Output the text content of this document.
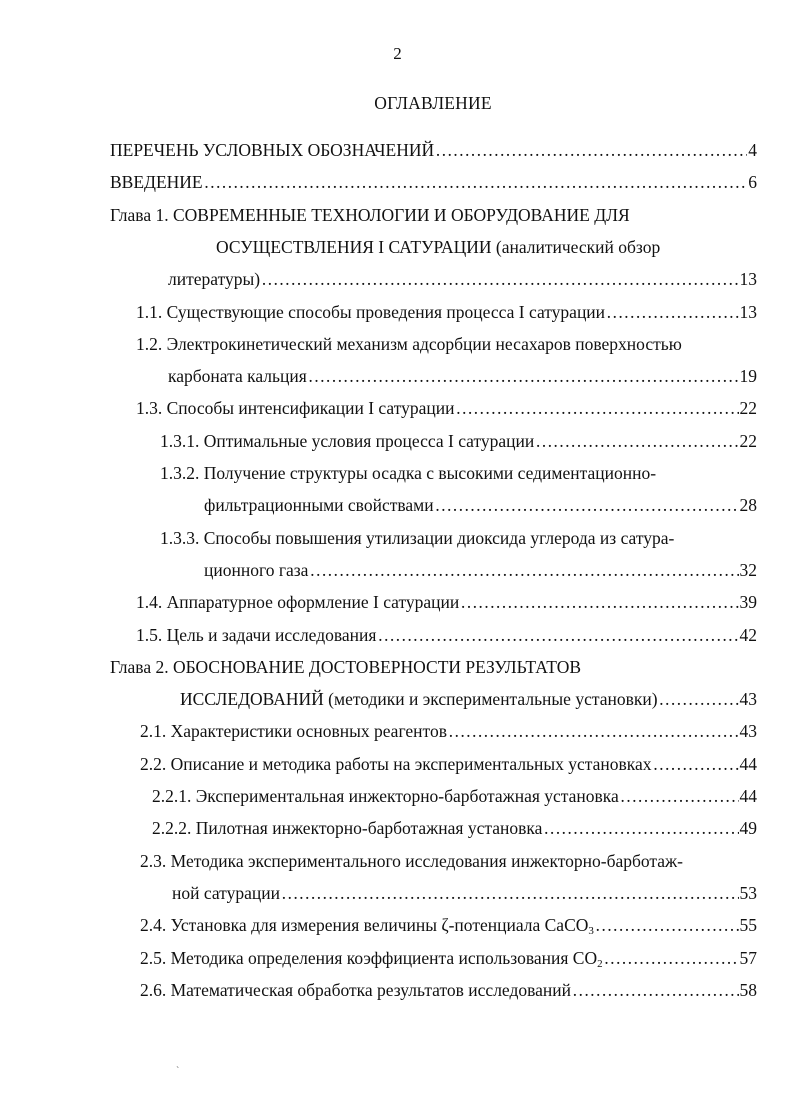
2
ОГЛАВЛЕНИЕ
ПЕРЕЧЕНЬ УСЛОВНЫХ ОБОЗНАЧЕНИЙ ……………………………………………………………………………………………………………………………………………………………	4
ВВЕДЕНИЕ ……………………………………………………………………………………………………………………………………………………………	6
Глава 1. СОВРЕМЕННЫЕ ТЕХНОЛОГИИ И ОБОРУДОВАНИЕ ДЛЯ
ОСУЩЕСТВЛЕНИЯ I САТУРАЦИИ (аналитический обзор
литературы) ……………………………………………………………………………………………………………………………………………………………	13
1.1. Существующие способы проведения процесса I сатурации ……………………………………………………………………………………………………………………………………………………………	13
1.2. Электрокинетический механизм адсорбции несахаров поверхностью
карбоната кальция ……………………………………………………………………………………………………………………………………………………………	19
1.3. Способы интенсификации I сатурации ……………………………………………………………………………………………………………………………………………………………	22
1.3.1. Оптимальные условия процесса I сатурации ……………………………………………………………………………………………………………………………………………………………	22
1.3.2. Получение структуры осадка с высокими седиментационно-
фильтрационными свойствами ……………………………………………………………………………………………………………………………………………………………	28
1.3.3. Способы повышения утилизации диоксида углерода из сатура-
ционного газа ……………………………………………………………………………………………………………………………………………………………	32
1.4. Аппаратурное оформление I сатурации ……………………………………………………………………………………………………………………………………………………………	39
1.5. Цель и задачи исследования ……………………………………………………………………………………………………………………………………………………………	42
Глава 2. ОБОСНОВАНИЕ ДОСТОВЕРНОСТИ РЕЗУЛЬТАТОВ
ИССЛЕДОВАНИЙ (методики и экспериментальные установки) ……………………………………………………………………………………………………………………………………………………………	43
2.1. Характеристики основных реагентов ……………………………………………………………………………………………………………………………………………………………	43
2.2. Описание и методика работы на экспериментальных установках ……………………………………………………………………………………………………………………………………………………………	44
2.2.1. Экспериментальная инжекторно-барботажная установка ……………………………………………………………………………………………………………………………………………………………	44
2.2.2. Пилотная инжекторно-барботажная установка ……………………………………………………………………………………………………………………………………………………………	49
2.3. Методика экспериментального исследования инжекторно-барботаж-
ной сатурации ……………………………………………………………………………………………………………………………………………………………	53
2.4. Установка для измерения величины ζ-потенциала CaCO$_3$ ……………………………………………………………………………………………………………………………………………………………	55
2.5. Методика определения коэффициента использования $CO_2$ ……………………………………………………………………………………………………………………………………………………………	57
2.6. Математическая обработка результатов исследований ……………………………………………………………………………………………………………………………………………………………	58
`
